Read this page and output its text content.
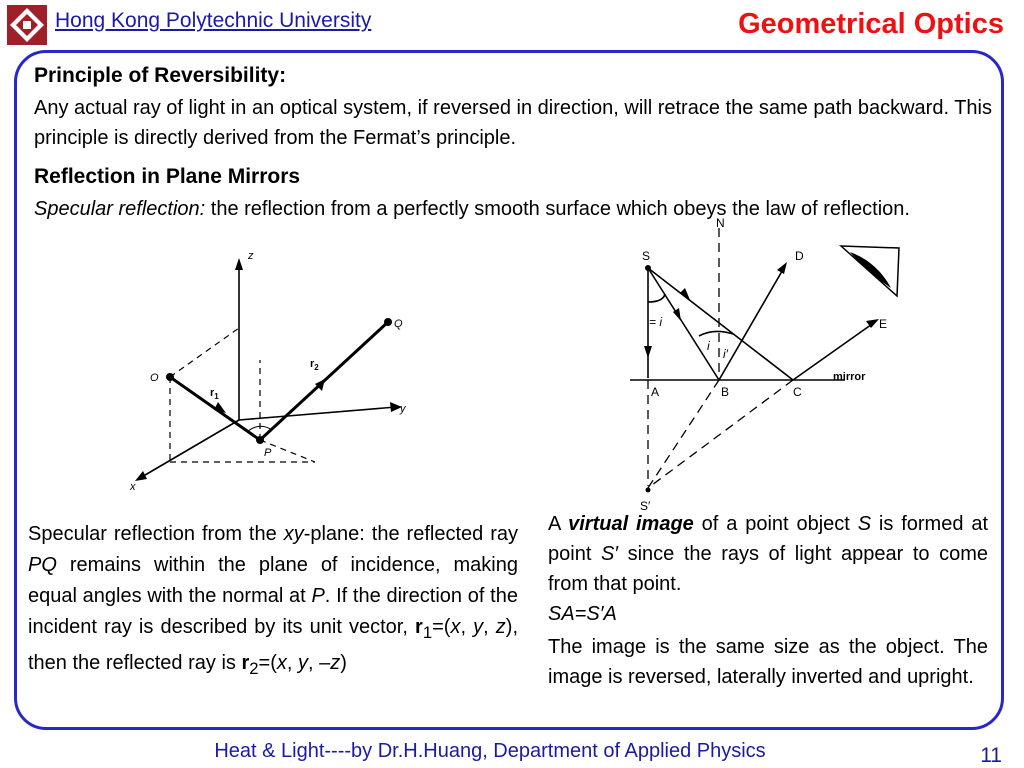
Hong Kong Polytechnic University	Geometrical Optics
Principle of Reversibility:
Any actual ray of light in an optical system, if reversed in direction, will retrace the same path backward. This principle is directly derived from the Fermat’s principle.
Reflection in Plane Mirrors
Specular reflection: the reflection from a perfectly smooth surface which obeys the law of reflection.
z
y
x
O
P
Q
$r_1$
$r_2$
S
S′
N
D
E
A	B	C
mirror
= i
i
i′
Specular reflection from the xy-plane: the reflected ray PQ remains within the plane of incidence, making equal angles with the normal at P. If the direction of the incident ray is described by its unit vector, $r_1=(x$, y, z), then the reflected ray is $r_2=(x$, y, –z)
A virtual image of a point object S is formed at point S′ since the rays of light appear to come from that point.
SA=S′A
The image is the same size as the object. The image is reversed, laterally inverted and upright.
Heat & Light----by Dr.H.Huang, Department of Applied Physics	11
